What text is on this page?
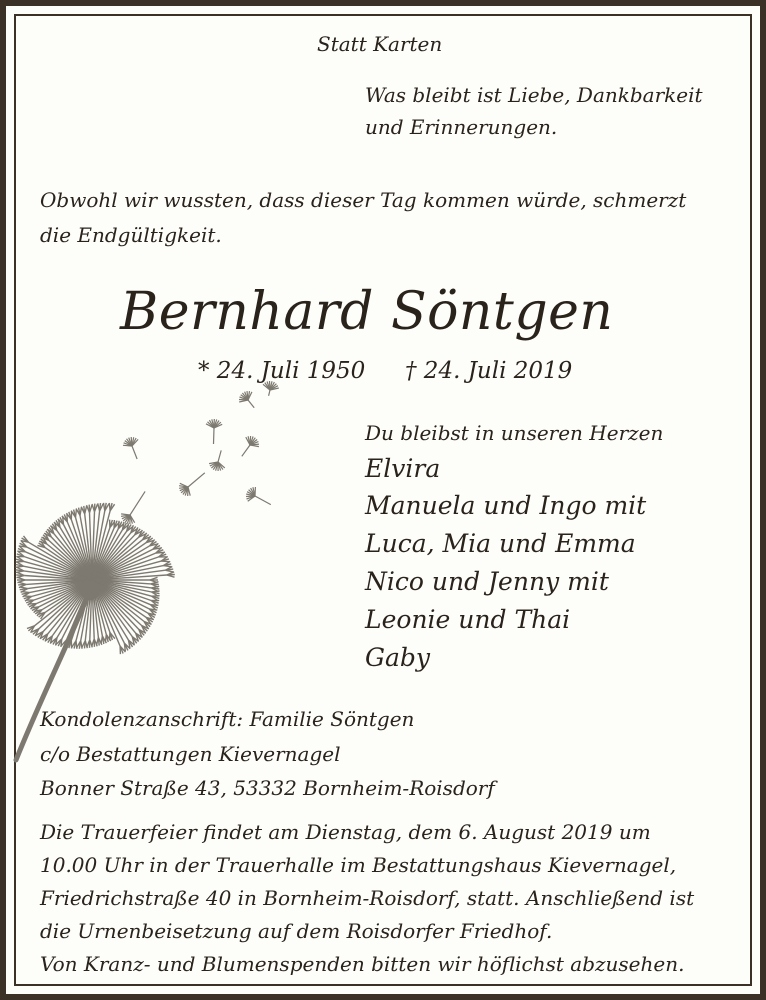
Statt Karten
Was bleibt ist Liebe, Dankbarkeit
und Erinnerungen.
Obwohl wir wussten, dass dieser Tag kommen würde, schmerzt
die Endgültigkeit.
Bernhard Söntgen
* 24. Juli 1950 † 24. Juli 2019
Du bleibst in unseren Herzen
Elvira
Manuela und Ingo mit
Luca, Mia und Emma
Nico und Jenny mit
Leonie und Thai
Gaby
Kondolenzanschrift: Familie Söntgen
c/o Bestattungen Kievernagel
Bonner Straße 43, 53332 Bornheim-Roisdorf
Die Trauerfeier findet am Dienstag, dem 6. August 2019 um
10.00 Uhr in der Trauerhalle im Bestattungshaus Kievernagel,
Friedrichstraße 40 in Bornheim-Roisdorf, statt. Anschließend ist
die Urnenbeisetzung auf dem Roisdorfer Friedhof.
Von Kranz- und Blumenspenden bitten wir höflichst abzusehen.
